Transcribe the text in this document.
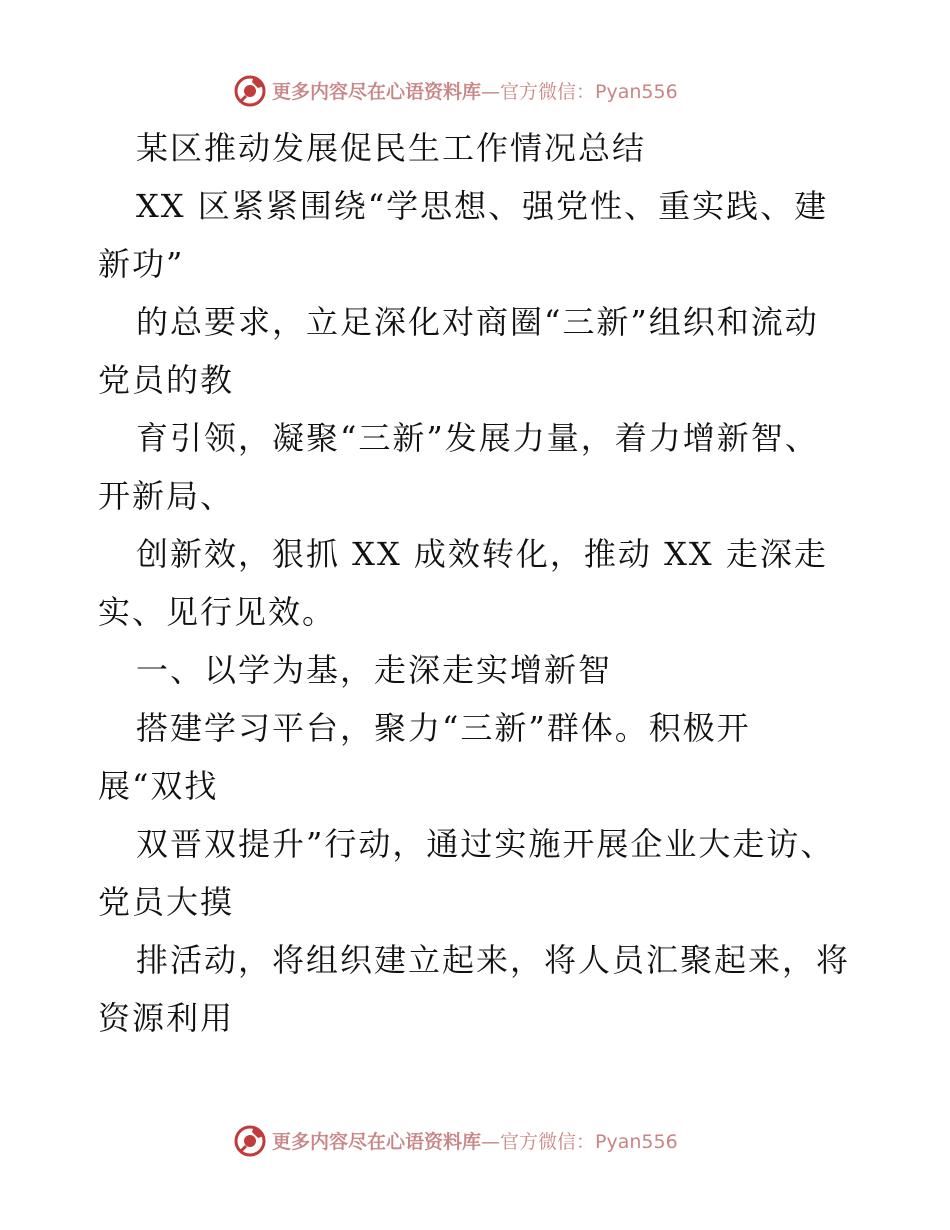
更多内容尽在心语资料库 —官方微信：Pyan556
某区推动发展促民生工作情况总结
XX 区紧紧围绕“学思想、强党性、重实践、建
新功”
的总要求，立足深化对商圈“三新”组织和流动
党员的教
育引领，凝聚“三新”发展力量，着力增新智、
开新局、
创新效，狠抓 XX 成效转化，推动 XX 走深走
实、见行见效。
一、以学为基，走深走实增新智
搭建学习平台，聚力“三新”群体。积极开
展“双找
双晋双提升”行动，通过实施开展企业大走访、
党员大摸
排活动，将组织建立起来，将人员汇聚起来，将
资源利用
更多内容尽在心语资料库 —官方微信：Pyan556
